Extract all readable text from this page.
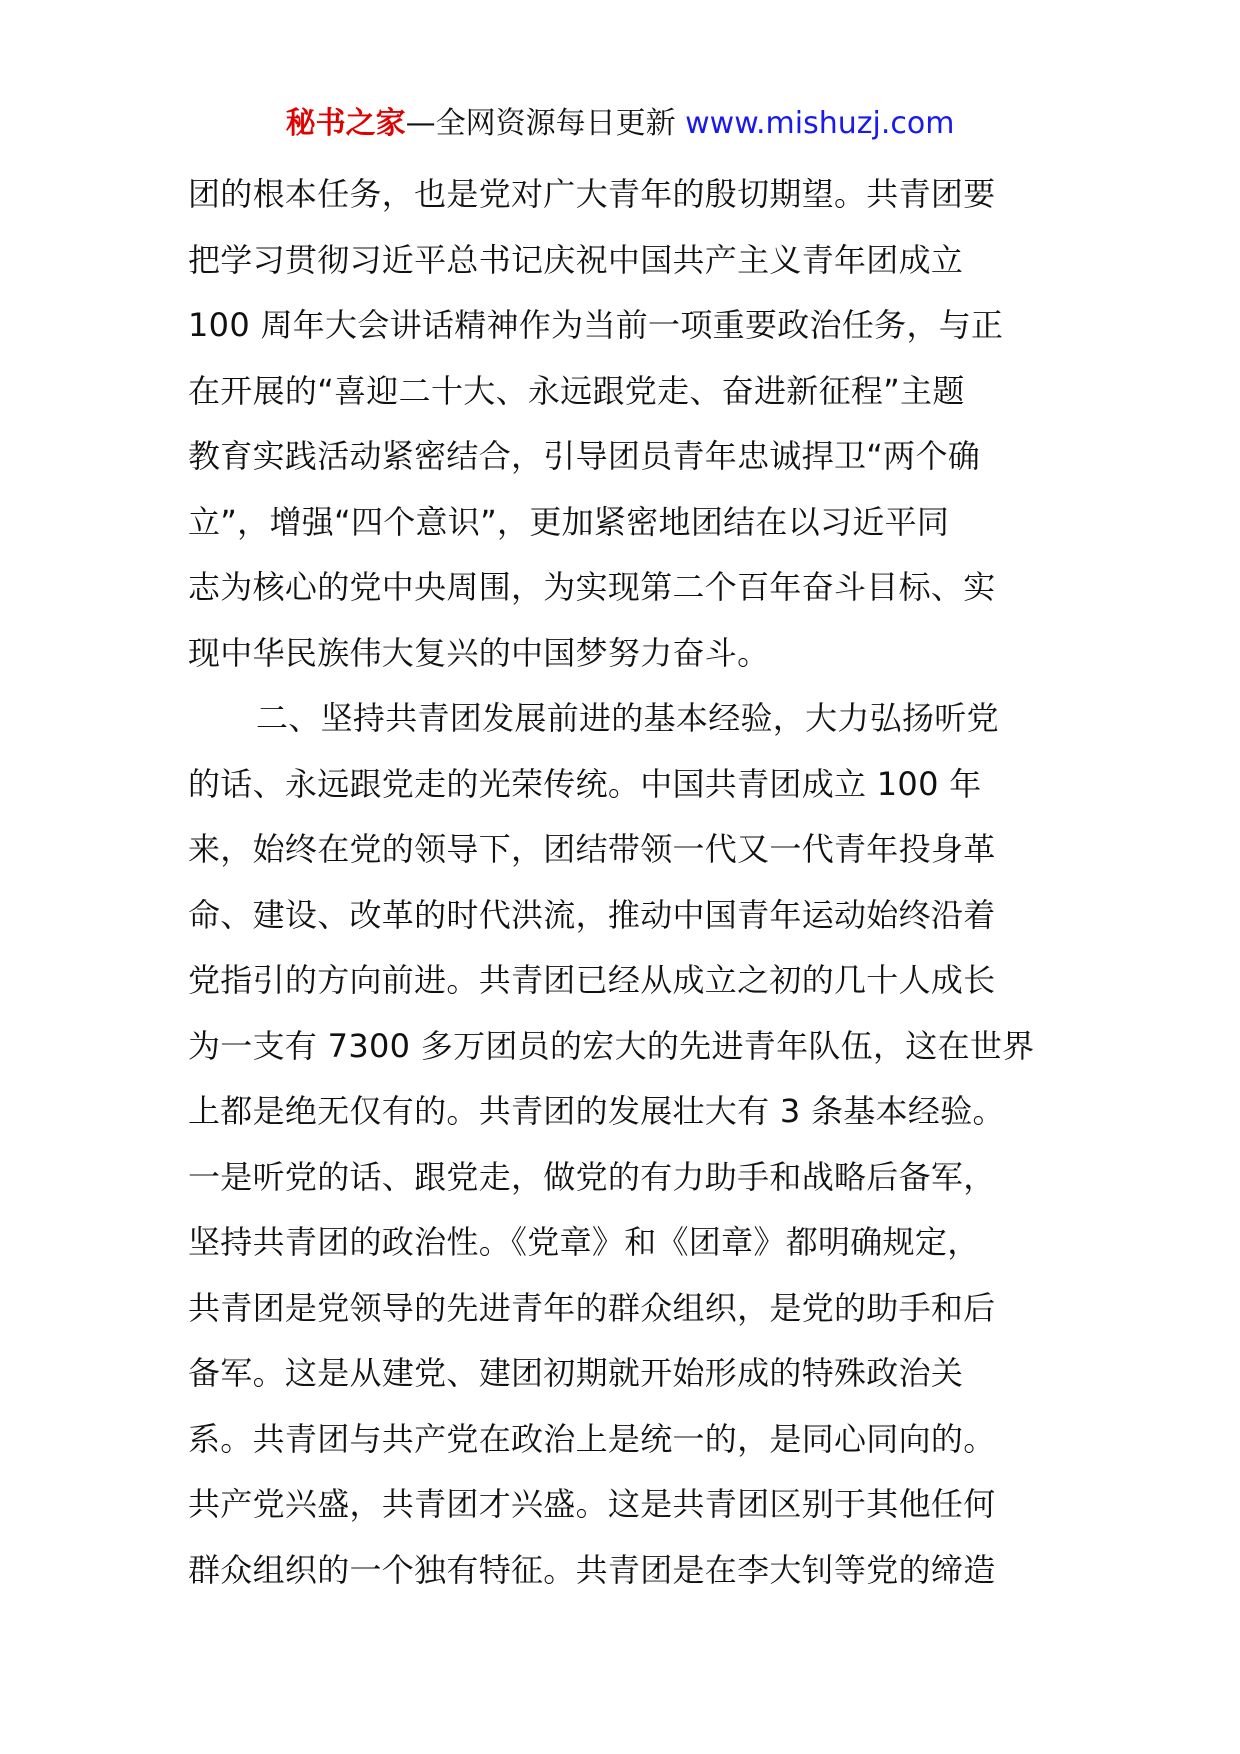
秘书之家—全网资源每日更新 www.mishuzj.com
团的根本任务，也是党对广大青年的殷切期望。共青团要
把学习贯彻习近平总书记庆祝中国共产主义青年团成立
100 周年大会讲话精神作为当前一项重要政治任务，与正
在开展的“喜迎二十大、永远跟党走、奋进新征程”主题
教育实践活动紧密结合，引导团员青年忠诚捍卫“两个确
立”，增强“四个意识”，更加紧密地团结在以习近平同
志为核心的党中央周围，为实现第二个百年奋斗目标、实
现中华民族伟大复兴的中国梦努力奋斗。
二、坚持共青团发展前进的基本经验，大力弘扬听党
的话、永远跟党走的光荣传统。中国共青团成立 100 年
来，始终在党的领导下，团结带领一代又一代青年投身革
命、建设、改革的时代洪流，推动中国青年运动始终沿着
党指引的方向前进。共青团已经从成立之初的几十人成长
为一支有 7300 多万团员的宏大的先进青年队伍，这在世界
上都是绝无仅有的。共青团的发展壮大有 3 条基本经验。
一是听党的话、跟党走，做党的有力助手和战略后备军，
坚持共青团的政治性。《党章》和《团章》都明确规定，
共青团是党领导的先进青年的群众组织，是党的助手和后
备军。这是从建党、建团初期就开始形成的特殊政治关
系。共青团与共产党在政治上是统一的，是同心同向的。
共产党兴盛，共青团才兴盛。这是共青团区别于其他任何
群众组织的一个独有特征。共青团是在李大钊等党的缔造
